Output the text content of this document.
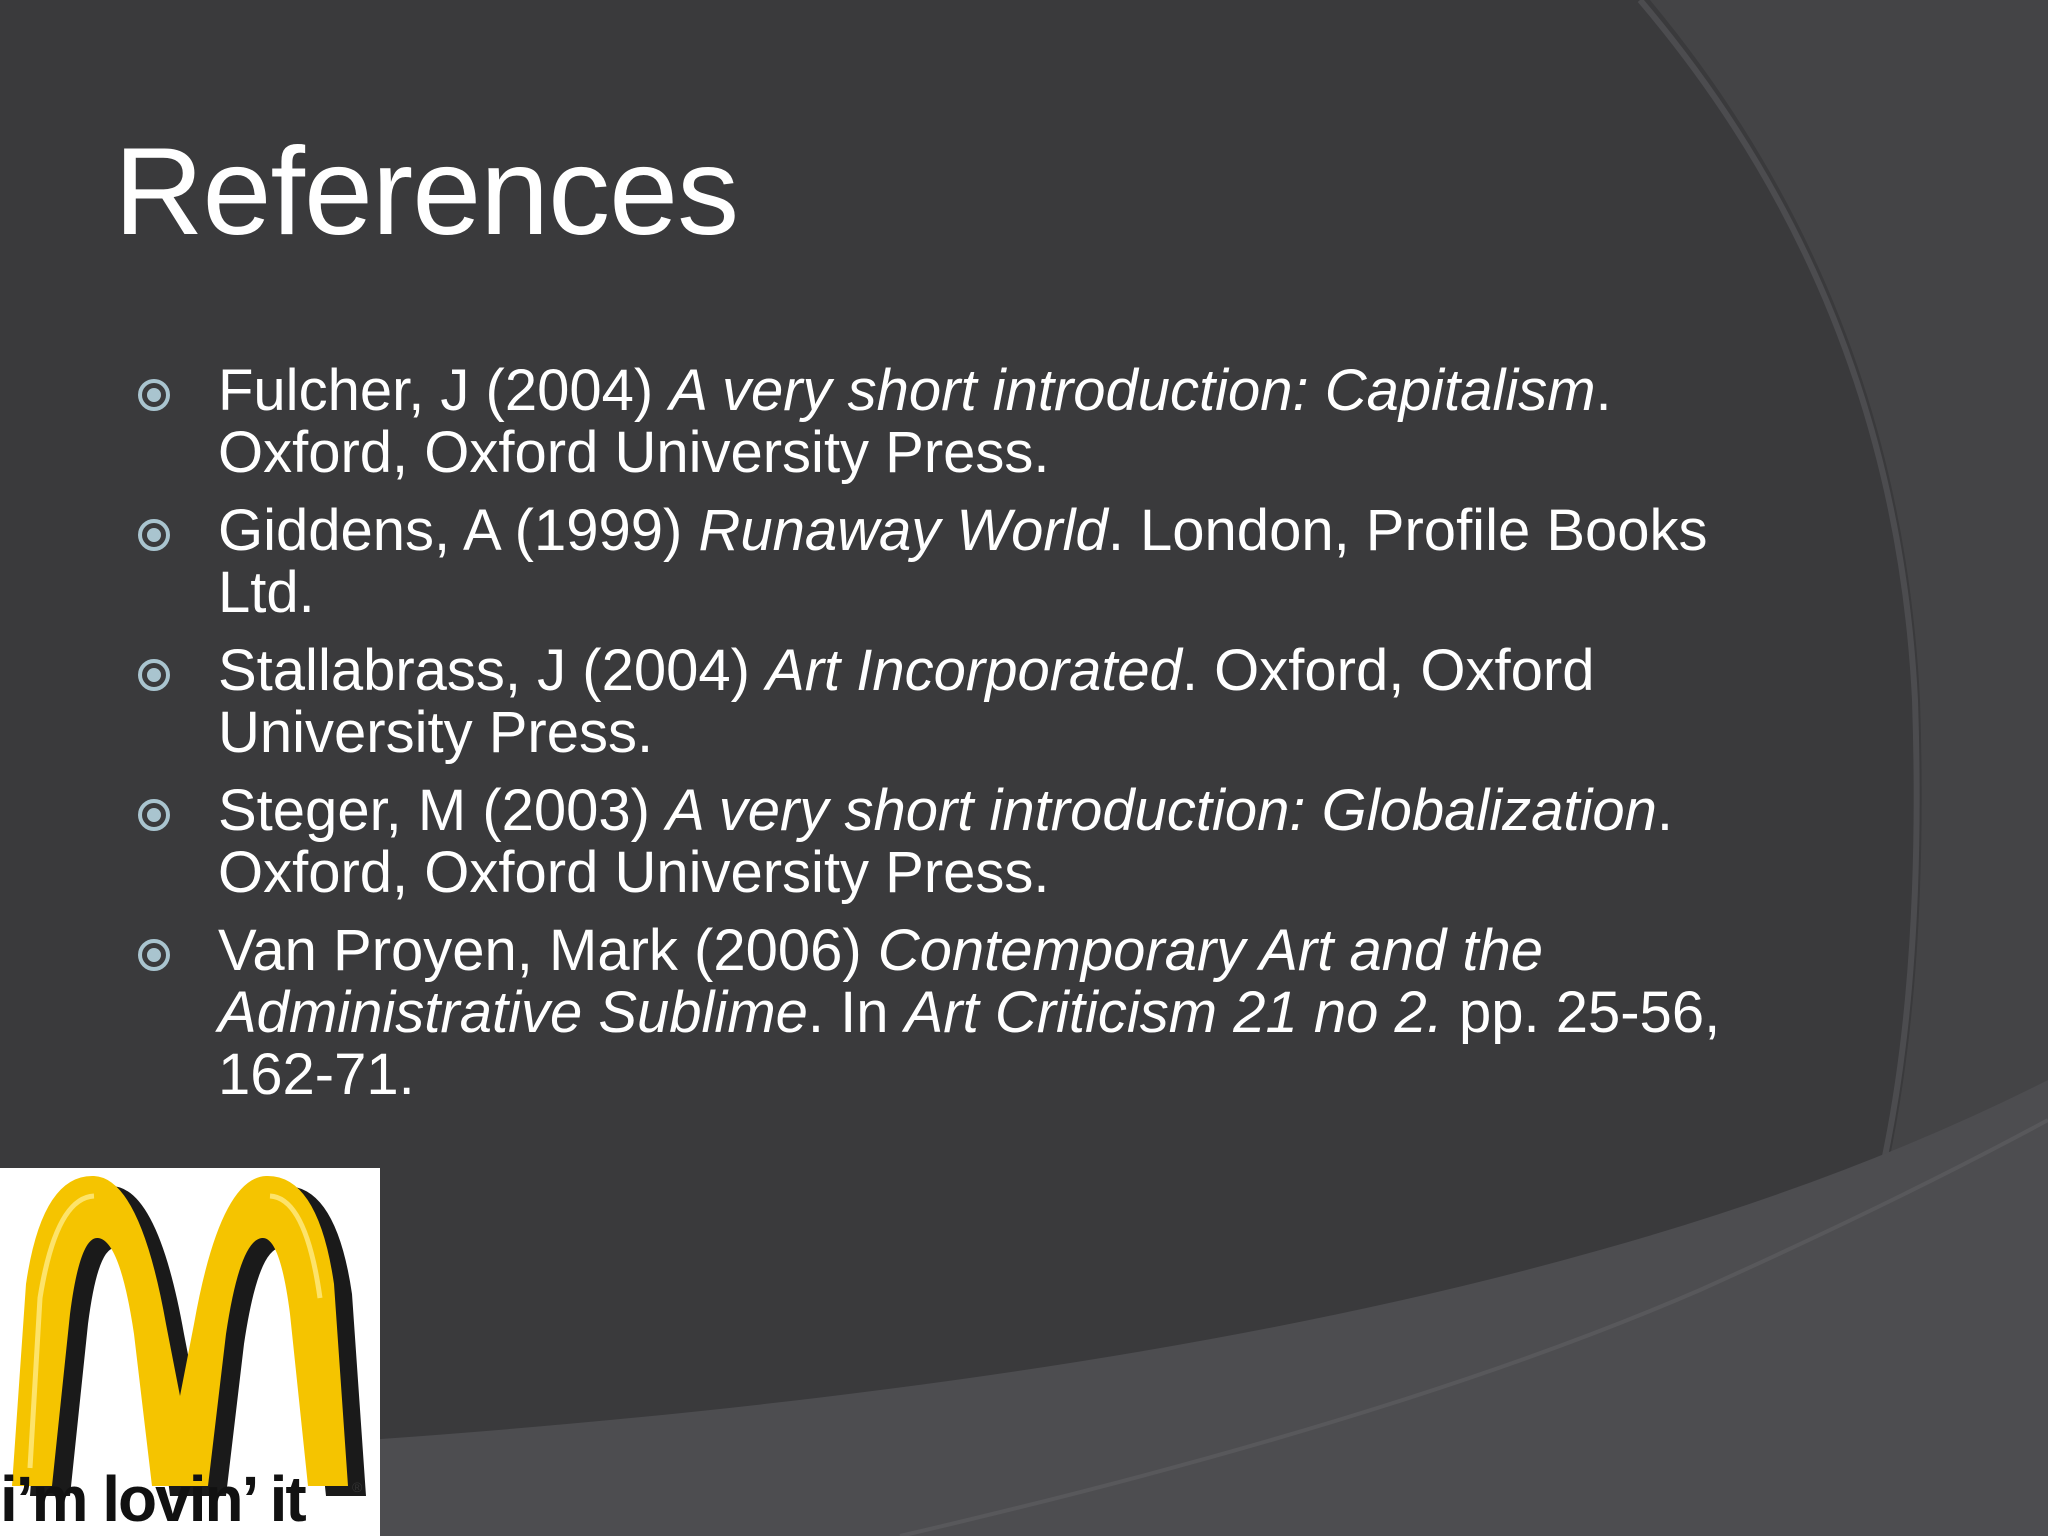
References
Fulcher, J (2004) A very short introduction: Capitalism. Oxford, Oxford University Press.
Giddens, A (1999) Runaway World. London, Profile Books Ltd.
Stallabrass, J (2004) Art Incorporated. Oxford, Oxford University Press.
Steger, M (2003) A very short introduction: Globalization. Oxford, Oxford University Press.
Van Proyen, Mark (2006) Contemporary Art and the Administrative Sublime. In Art Criticism 21 no 2. pp. 25-56, 162-71.
®
i’m lovin’ it
